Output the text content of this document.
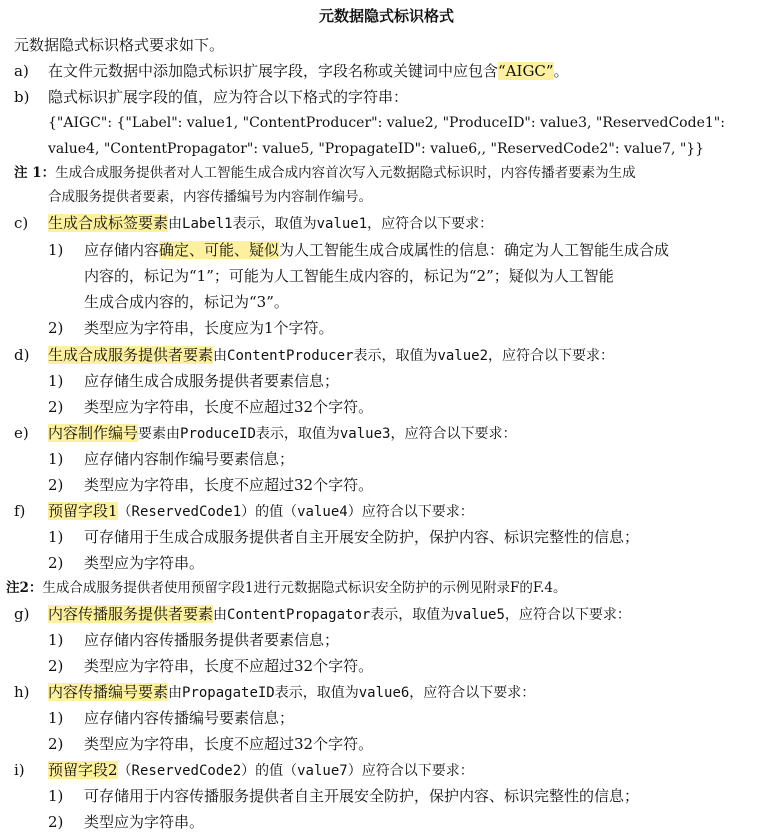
元数据隐式标识格式
元数据隐式标识格式要求如下。
a) 在文件元数据中添加隐式标识扩展字段，字段名称或关键词中应包含“AIGC”。
b) 隐式标识扩展字段的值，应为符合以下格式的字符串：
{"AIGC": {"Label": value1, "ContentProducer": value2, "ProduceID": value3, "ReservedCode1":
value4, "ContentPropagator": value5, "PropagateID": value6,, "ReservedCode2": value7, "}}
注 1：生成合成服务提供者对人工智能生成合成内容首次写入元数据隐式标识时，内容传播者要素为生成
合成服务提供者要素，内容传播编号为内容制作编号。
c) 生成合成标签要素由Label1表示，取值为value1，应符合以下要求：
1) 应存储内容确定、可能、疑似为人工智能生成合成属性的信息：确定为人工智能生成合成
内容的，标记为“1”；可能为人工智能生成内容的，标记为“2”；疑似为人工智能
生成合成内容的，标记为“3”。
2) 类型应为字符串，长度应为1个字符。
d) 生成合成服务提供者要素由ContentProducer表示，取值为value2，应符合以下要求：
1) 应存储生成合成服务提供者要素信息；
2) 类型应为字符串，长度不应超过32个字符。
e) 内容制作编号要素由ProduceID表示，取值为value3，应符合以下要求：
1) 应存储内容制作编号要素信息；
2) 类型应为字符串，长度不应超过32个字符。
f) 预留字段1（ReservedCode1）的值（value4）应符合以下要求：
1) 可存储用于生成合成服务提供者自主开展安全防护，保护内容、标识完整性的信息；
2) 类型应为字符串。
注2：生成合成服务提供者使用预留字段1进行元数据隐式标识安全防护的示例见附录F的F.4。
g) 内容传播服务提供者要素由ContentPropagator表示，取值为value5，应符合以下要求：
1) 应存储内容传播服务提供者要素信息；
2) 类型应为字符串，长度不应超过32个字符。
h) 内容传播编号要素由PropagateID表示，取值为value6，应符合以下要求：
1) 应存储内容传播编号要素信息；
2) 类型应为字符串，长度不应超过32个字符。
i) 预留字段2（ReservedCode2）的值（value7）应符合以下要求：
1) 可存储用于内容传播服务提供者自主开展安全防护，保护内容、标识完整性的信息；
2) 类型应为字符串。
